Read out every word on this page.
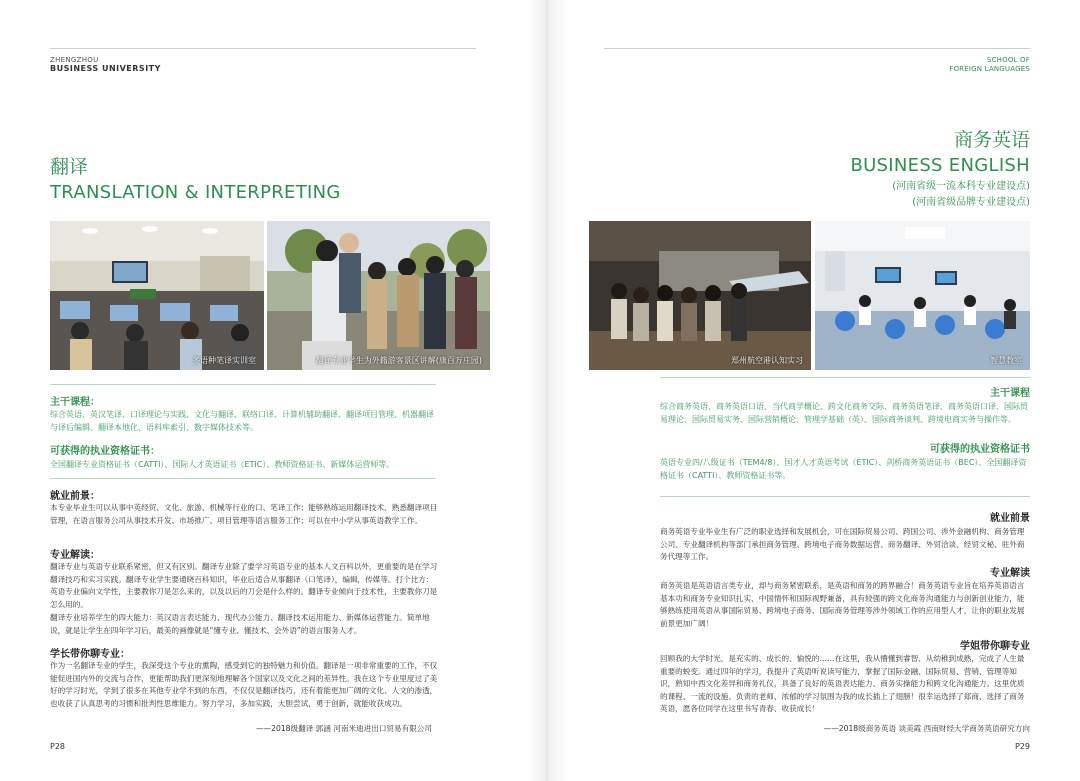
ZHENGZHOU
BUSINESS UNIVERSITY
翻译
TRANSLATION & INTERPRETING
多语种笔译实训室	翻译专业学生为外籍游客景区讲解(康百万庄园)
主干课程：
综合英语、英汉笔译、口译理论与实践、文化与翻译、联络口译、计算机辅助翻译、翻译项目管理、机器翻译与译后编辑、翻译本地化、语料库索引、数字媒体技术等。
可获得的执业资格证书：
全国翻译专业资格证书（CATTI）、国际人才英语证书（ETIC）、教师资格证书、新媒体运营师等。
就业前景：
本专业毕业生可以从事中英经贸、文化、旅游、机械等行业的口、笔译工作；能够熟练运用翻译技术、熟悉翻译项目管理，在语言服务公司从事技术开发、市场推广、项目管理等语言服务工作；可以在中小学从事英语教学工作。
专业解读：
翻译专业与英语专业联系紧密，但又有区别。翻译专业除了要学习英语专业的基本人文百科以外，更重要的是在学习翻译技巧和实习实践。翻译专业学生要通晓百科知识，毕业后适合从事翻译（口笔译），编辑，传媒等。打个比方：英语专业偏向文学性，主要教你刀是怎么来的，以及以后的刀会是什么样的。翻译专业倾向于技术性，主要教你刀是怎么用的。
翻译专业培养学生的四大能力：英汉语言表达能力、现代办公能力、翻译技术运用能力、新媒体运营能力。简单地说，就是让学生在四年学习后，最美的画像就是“懂专业、懂技术、会外语”的语言服务人才。
学长带你聊专业：
作为一名翻译专业的学生，我深受这个专业的熏陶，感受到它的独特魅力和价值。翻译是一项非常重要的工作，不仅能促进国内外的交流与合作，更能帮助我们更深刻地理解各个国家以及文化之间的差异性。我在这个专业里度过了美好的学习时光，学到了很多在其他专业学不到的东西，不仅仅是翻译技巧，还有着能更加广阔的文化、人文的渗透，也收获了认真思考的习惯和批判性思维能力。努力学习，多加实践，大胆尝试，勇于创新，就能收获成功。
——2018级翻译 郭涵 河南米迪进出口贸易有限公司
P28
SCHOOL OF
FOREIGN LANGUAGES
商务英语
BUSINESS ENGLISH
(河南省级一流本科专业建设点)
(河南省级品牌专业建设点)
郑州航空港认知实习	智慧教室
主干课程
综合商务英语、商务英语口语、当代商学概论、跨文化商务交际、商务英语笔译、商务英语口译、国际贸易理论、国际贸易实务、国际营销概论、管理学基础（英）、国际商务谈判、跨境电商实务与操作等。
可获得的执业资格证书
英语专业四/八级证书（TEM4/8）、国才人才英语考试（ETIC）、剑桥商务英语证书（BEC）、全国翻译资格证书（CATTI）、教师资格证书等。
就业前景
商务英语专业毕业生有广泛的职业选择和发展机会，可在国际贸易公司、跨国公司、涉外金融机构、商务管理公司、专业翻译机构等部门承担商务管理、跨境电子商务数据运营、商务翻译、外贸洽谈、经贸文秘、驻外商务代理等工作。
专业解读
商务英语是英语语言类专业，却与商务紧密联系，是英语和商务的跨界融合！商务英语专业旨在培养英语语言基本功和商务专业知识扎实、中国情怀和国际视野兼备，具有较强的跨文化商务沟通能力与创新创业能力，能够熟练使用英语从事国际贸易、跨境电子商务、国际商务管理等涉外领域工作的应用型人才，让你的职业发展前景更加广阔！
学姐带你聊专业
回顾我的大学时光，是充实的、成长的、愉悦的……在这里，我从懵懂到睿智、从幼稚到成熟，完成了人生最重要的蜕变。通过四年的学习，我提升了英语听说读写能力，掌握了国际金融、国际贸易、营销、管理等知识，熟知中西文化差异和商务礼仪，具备了良好的英语表达能力、商务实操能力和跨文化沟通能力。这里优质的课程、一流的设施、负责的老师、浓郁的学习氛围为我的成长插上了翅膀！很幸运选择了郑商、选择了商务英语，愿各位同学在这里书写青春、收获成长！
——2018级商务英语 谈美霞 西南财经大学商务英语研究方向
P29
